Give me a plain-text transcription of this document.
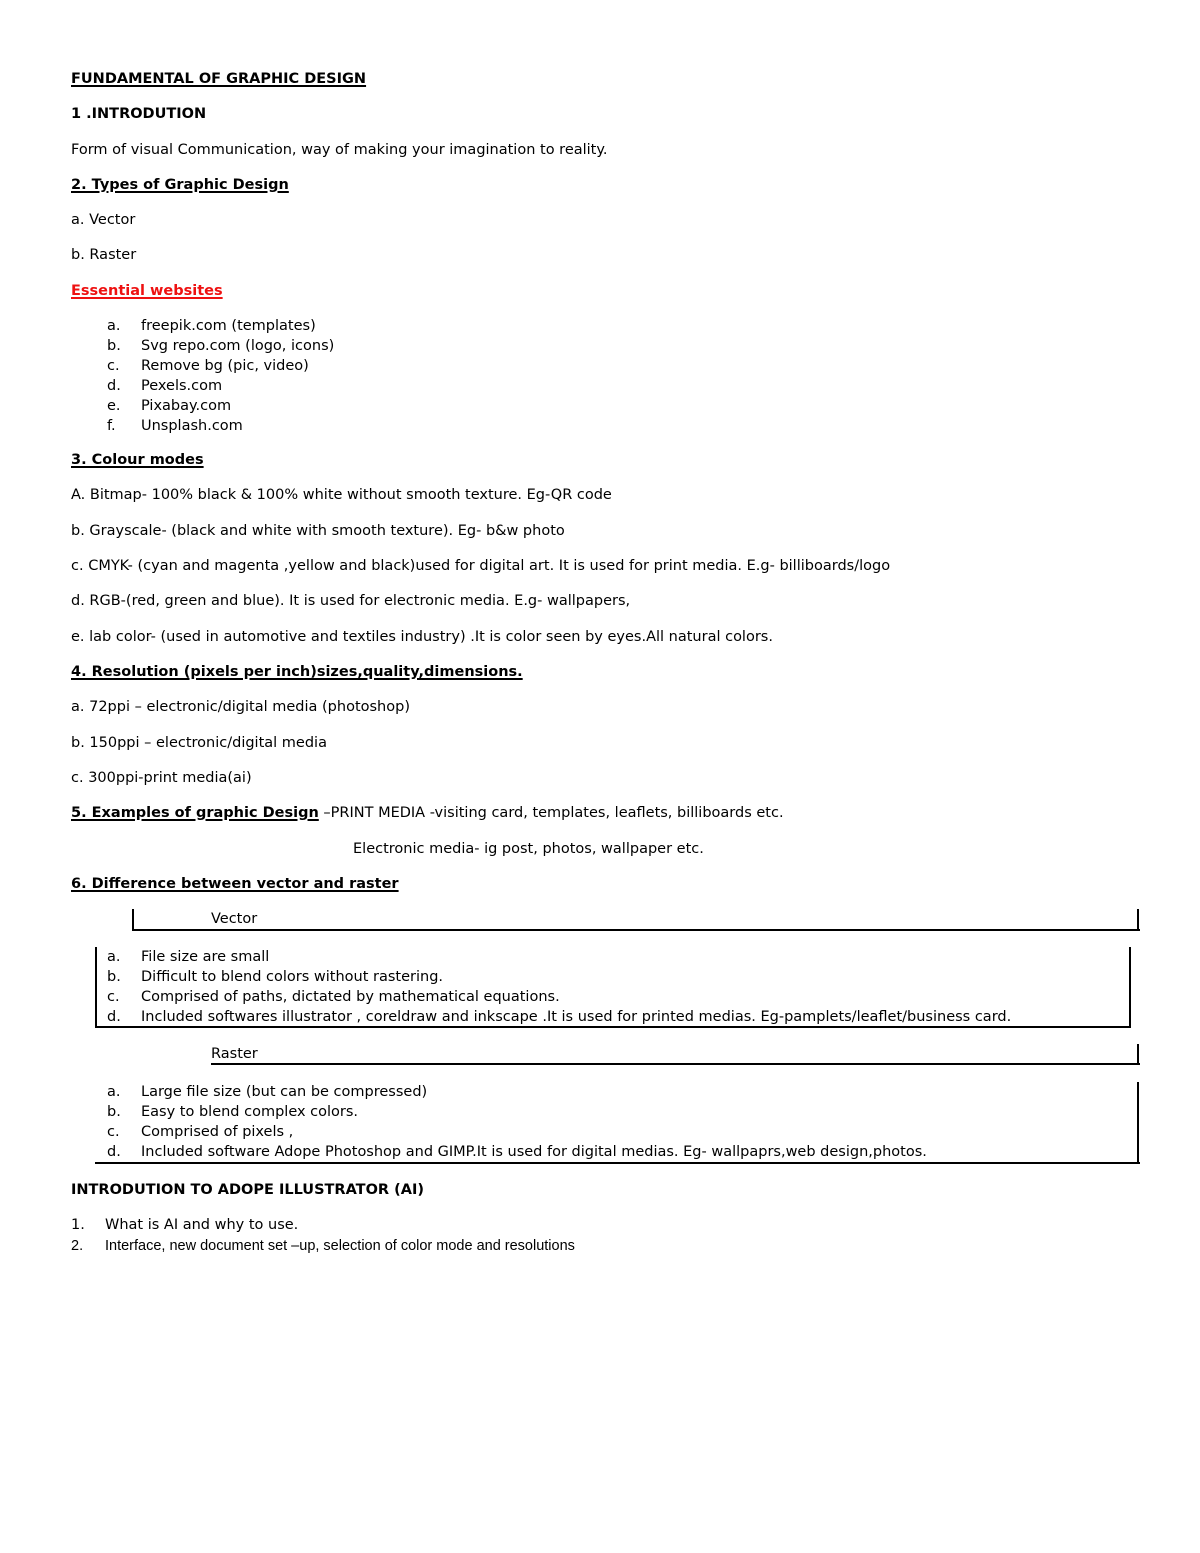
FUNDAMENTAL OF GRAPHIC DESIGN
1 .INTRODUTION
Form of visual Communication, way of making your imagination to reality.
2. Types of Graphic Design
a. Vector
b. Raster
Essential websites
a. freepik.com (templates)
b. Svg repo.com (logo, icons)
c. Remove bg (pic, video)
d. Pexels.com
e. Pixabay.com
f. Unsplash.com
3. Colour modes
A. Bitmap- 100% black & 100% white without smooth texture. Eg-QR code
b. Grayscale- (black and white with smooth texture). Eg- b&w photo
c. CMYK- (cyan and magenta ,yellow and black)used for digital art. It is used for print media. E.g- billiboards/logo
d. RGB-(red, green and blue). It is used for electronic media. E.g- wallpapers,
e. lab color- (used in automotive and textiles industry) .It is color seen by eyes.All natural colors.
4. Resolution (pixels per inch)sizes,quality,dimensions.
a. 72ppi – electronic/digital media (photoshop)
b. 150ppi – electronic/digital media
c. 300ppi-print media(ai)
5. Examples of graphic Design –PRINT MEDIA -visiting card, templates, leaflets, billiboards etc.
Electronic media- ig post, photos, wallpaper etc.
6. Difference between vector and raster
Vector
a. File size are small
b. Difficult to blend colors without rastering.
c. Comprised of paths, dictated by mathematical equations.
d. Included softwares illustrator , coreldraw and inkscape .It is used for printed medias. Eg-pamplets/leaflet/business card.
Raster
a. Large file size (but can be compressed)
b. Easy to blend complex colors.
c. Comprised of pixels ,
d. Included software Adope Photoshop and GIMP.It is used for digital medias. Eg- wallpaprs,web design,photos.
INTRODUTION TO ADOPE ILLUSTRATOR (AI)
1. What is AI and why to use.
2. Interface, new document set –up, selection of color mode and resolutions
